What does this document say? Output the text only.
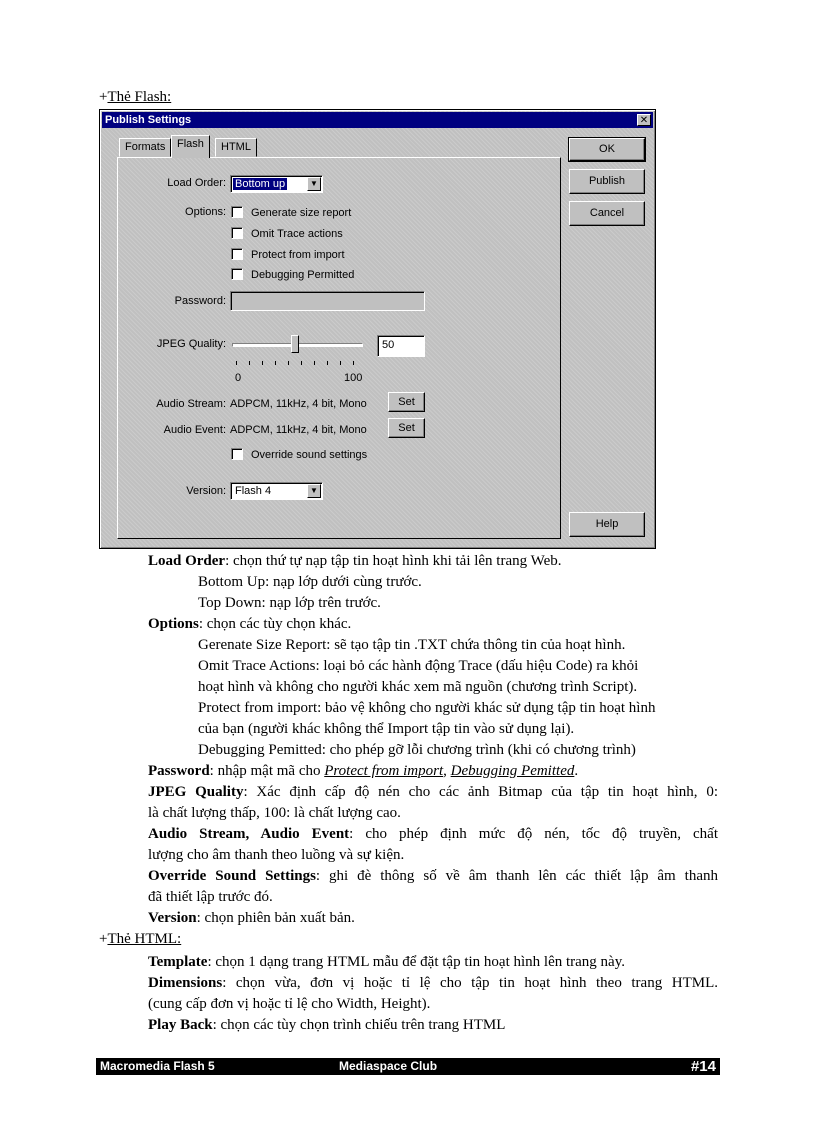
+Thẻ Flash:
Publish Settings	✕
Formats	Flash	HTML
Load Order: Bottom up	▼
Options: Generate size report
Omit Trace actions
Protect from import
Debugging Permitted
Password:
JPEG Quality:
0	100
50
Audio Stream: ADPCM, 11kHz, 4 bit, Mono	Set
Audio Event: ADPCM, 11kHz, 4 bit, Mono	Set
Override sound settings
Version: Flash 4	▼
OK
Publish
Cancel
Help
Load Order: chọn thứ tự nạp tập tin hoạt hình khi tải lên trang Web.
Bottom Up: nạp lớp dưới cùng trước.
Top Down: nạp lớp trên trước.
Options: chọn các tùy chọn khác.
Gerenate Size Report: sẽ tạo tập tin .TXT chứa thông tin của hoạt hình.
Omit Trace Actions: loại bỏ các hành động Trace (dấu hiệu Code) ra khỏi
hoạt hình và không cho người khác xem mã nguồn (chương trình Script).
Protect from import: bảo vệ không cho người khác sử dụng tập tin hoạt hình
của bạn (người khác không thể Import tập tin vào sử dụng lại).
Debugging Pemitted: cho phép gỡ lỗi chương trình (khi có chương trình)
Password: nhập mật mã cho Protect from import, Debugging Pemitted.
JPEG Quality: Xác định cấp độ nén cho các ảnh Bitmap của tập tin hoạt hình, 0:
là chất lượng thấp, 100: là chất lượng cao.
Audio Stream, Audio Event: cho phép định mức độ nén, tốc độ truyền, chất
lượng cho âm thanh theo luồng và sự kiện.
Override Sound Settings: ghi đè thông số về âm thanh lên các thiết lập âm thanh
đã thiết lập trước đó.
Version: chọn phiên bản xuất bản.
+Thẻ HTML:
Template: chọn 1 dạng trang HTML mẫu để đặt tập tin hoạt hình lên trang này.
Dimensions: chọn vừa, đơn vị hoặc tỉ lệ cho tập tin hoạt hình theo trang HTML.
(cung cấp đơn vị hoặc tỉ lệ cho Width, Height).
Play Back: chọn các tùy chọn trình chiếu trên trang HTML
Macromedia Flash 5	Mediaspace Club	#14
